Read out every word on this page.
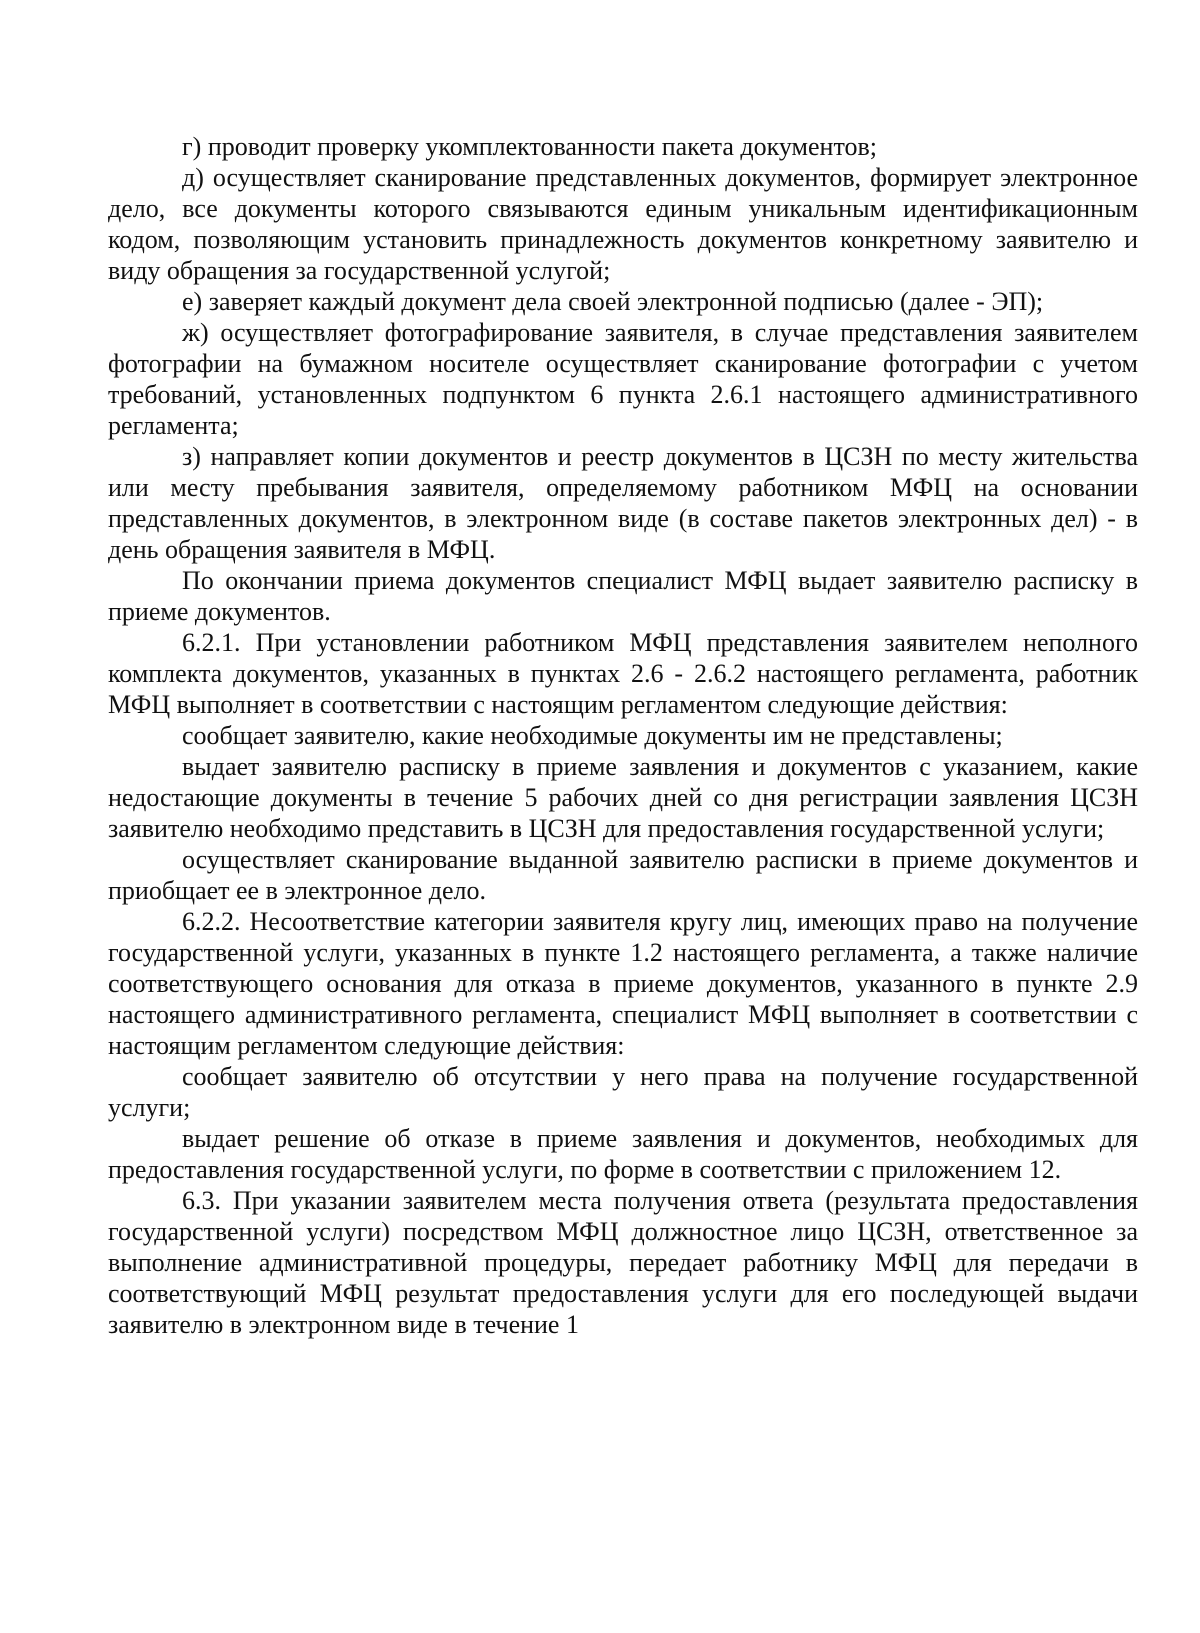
г) проводит проверку укомплектованности пакета документов;

д) осуществляет сканирование представленных документов, формирует электронное дело, все документы которого связываются единым уникальным идентификационным кодом, позволяющим установить принадлежность документов конкретному заявителю и виду обращения за государственной услугой;

е) заверяет каждый документ дела своей электронной подписью (далее - ЭП);

ж) осуществляет фотографирование заявителя, в случае представления заявителем фотографии на бумажном носителе осуществляет сканирование фотографии с учетом требований, установленных подпунктом 6 пункта 2.6.1 настоящего административного регламента;

з) направляет копии документов и реестр документов в ЦСЗН по месту жительства или месту пребывания заявителя, определяемому работником МФЦ на основании представленных документов, в электронном виде (в составе пакетов электронных дел) - в день обращения заявителя в МФЦ.

По окончании приема документов специалист МФЦ выдает заявителю расписку в приеме документов.

6.2.1. При установлении работником МФЦ представления заявителем неполного комплекта документов, указанных в пунктах 2.6 - 2.6.2 настоящего регламента, работник МФЦ выполняет в соответствии с настоящим регламентом следующие действия:

сообщает заявителю, какие необходимые документы им не представлены;

выдает заявителю расписку в приеме заявления и документов с указанием, какие недостающие документы в течение 5 рабочих дней со дня регистрации заявления ЦСЗН заявителю необходимо представить в ЦСЗН для предоставления государственной услуги;

осуществляет сканирование выданной заявителю расписки в приеме документов и приобщает ее в электронное дело.

6.2.2. Несоответствие категории заявителя кругу лиц, имеющих право на получение государственной услуги, указанных в пункте 1.2 настоящего регламента, а также наличие соответствующего основания для отказа в приеме документов, указанного в пункте 2.9 настоящего административного регламента, специалист МФЦ выполняет в соответствии с настоящим регламентом следующие действия:

сообщает заявителю об отсутствии у него права на получение государственной услуги;

выдает решение об отказе в приеме заявления и документов, необходимых для предоставления государственной услуги, по форме в соответствии с приложением 12.

6.3. При указании заявителем места получения ответа (результата предоставления государственной услуги) посредством МФЦ должностное лицо ЦСЗН, ответственное за выполнение административной процедуры, передает работнику МФЦ для передачи в соответствующий МФЦ результат предоставления услуги для его последующей выдачи заявителю в электронном виде в течение 1
